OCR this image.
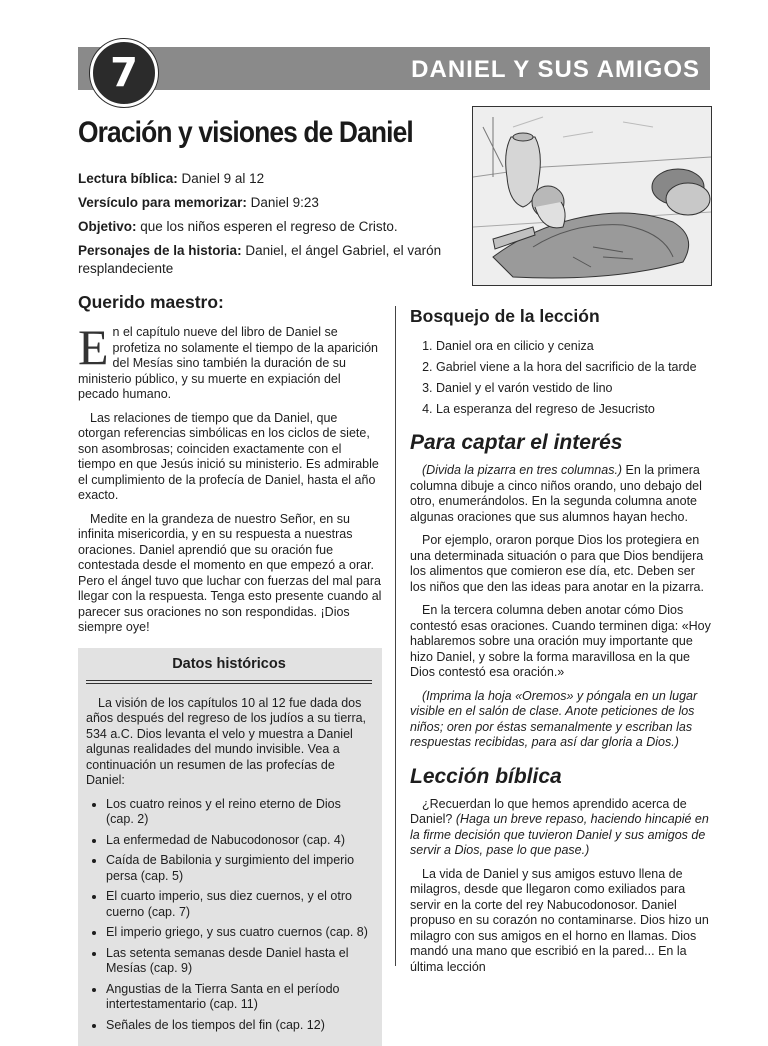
DANIEL Y SUS AMIGOS
7
Oración y visiones de Daniel

Lectura bíblica: Daniel 9 al 12

Versículo para memorizar: Daniel 9:23

Objetivo: que los niños esperen el regreso de Cristo.

Personajes de la historia: Daniel, el ángel Gabriel, el varón resplandeciente

Querido maestro:
En el capítulo nueve del libro de Daniel se profetiza no solamente el tiempo de la aparición del Mesías sino también la duración de su ministerio público, y su muerte en expiación del pecado humano.

Las relaciones de tiempo que da Daniel, que otorgan referencias simbólicas en los ciclos de siete, son asombrosas; coinciden exactamente con el tiempo en que Jesús inició su ministerio. Es admirable el cumplimiento de la profecía de Daniel, hasta el año exacto.

Medite en la grandeza de nuestro Señor, en su infinita misericordia, y en su respuesta a nuestras oraciones. Daniel aprendió que su oración fue contestada desde el momento en que empezó a orar. Pero el ángel tuvo que luchar con fuerzas del mal para llegar con la respuesta. Tenga esto presente cuando al parecer sus oraciones no son respondidas. ¡Dios siempre oye!

Datos históricos

La visión de los capítulos 10 al 12 fue dada dos años después del regreso de los judíos a su tierra, 534 a.C. Dios levanta el velo y muestra a Daniel algunas realidades del mundo invisible. Vea a continuación un resumen de las profecías de Daniel:

• Los cuatro reinos y el reino eterno de Dios (cap. 2)
• La enfermedad de Nabucodonosor (cap. 4)
• Caída de Babilonia y surgimiento del imperio persa (cap. 5)
• El cuarto imperio, sus diez cuernos, y el otro cuerno (cap. 7)
• El imperio griego, y sus cuatro cuernos (cap. 8)
• Las setenta semanas desde Daniel hasta el Mesías (cap. 9)
• Angustias de la Tierra Santa en el período intertestamentario (cap. 11)
• Señales de los tiempos del fin (cap. 12)
Bosquejo de la lección
1. Daniel ora en cilicio y ceniza
2. Gabriel viene a la hora del sacrificio de la tarde
3. Daniel y el varón vestido de lino
4. La esperanza del regreso de Jesucristo
Para captar el interés

(Divida la pizarra en tres columnas.) En la primera columna dibuje a cinco niños orando, uno debajo del otro, enumerándolos. En la segunda columna anote algunas oraciones que sus alumnos hayan hecho.

Por ejemplo, oraron porque Dios los protegiera en una determinada situación o para que Dios bendijera los alimentos que comieron ese día, etc. Deben ser los niños que den las ideas para anotar en la pizarra.

En la tercera columna deben anotar cómo Dios contestó esas oraciones. Cuando terminen diga: «Hoy hablaremos sobre una oración muy importante que hizo Daniel, y sobre la forma maravillosa en la que Dios contestó esa oración.»

(Imprima la hoja «Oremos» y póngala en un lugar visible en el salón de clase. Anote peticiones de los niños; oren por éstas semanalmente y escriban las respuestas recibidas, para así dar gloria a Dios.)

Lección bíblica

¿Recuerdan lo que hemos aprendido acerca de Daniel? (Haga un breve repaso, haciendo hincapié en la firme decisión que tuvieron Daniel y sus amigos de servir a Dios, pase lo que pase.)

La vida de Daniel y sus amigos estuvo llena de milagros, desde que llegaron como exiliados para servir en la corte del rey Nabucodonosor. Daniel propuso en su corazón no contaminarse. Dios hizo un milagro con sus amigos en el horno en llamas. Dios mandó una mano que escribió en la pared... En la última lección
